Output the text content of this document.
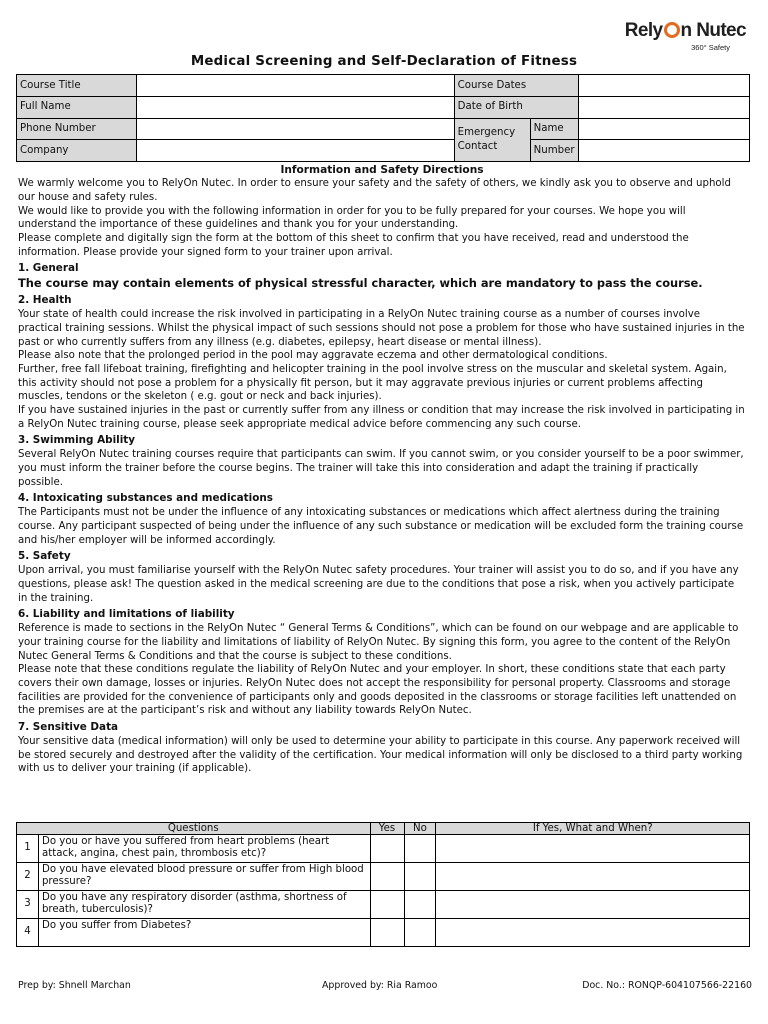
Rely n Nutec
360° Safety
Medical Screening and Self-Declaration of Fitness
Course Title		Course Dates		
Full Name		Date of Birth		
Phone Number		Emergency Contact	Name	
Company			Number	
Information and Safety Directions

We warmly welcome you to RelyOn Nutec. In order to ensure your safety and the safety of others, we kindly ask you to observe and uphold our house and safety rules.

We would like to provide you with the following information in order for you to be fully prepared for your courses. We hope you will understand the importance of these guidelines and thank you for your understanding.

Please complete and digitally sign the form at the bottom of this sheet to confirm that you have received, read and understood the information. Please provide your signed form to your trainer upon arrival.

1. General

The course may contain elements of physical stressful character, which are mandatory to pass the course.

2. Health

Your state of health could increase the risk involved in participating in a RelyOn Nutec training course as a number of courses involve practical training sessions. Whilst the physical impact of such sessions should not pose a problem for those who have sustained injuries in the past or who currently suffers from any illness (e.g. diabetes, epilepsy, heart disease or mental illness).

Please also note that the prolonged period in the pool may aggravate eczema and other dermatological conditions.

Further, free fall lifeboat training, firefighting and helicopter training in the pool involve stress on the muscular and skeletal system. Again, this activity should not pose a problem for a physically fit person, but it may aggravate previous injuries or current problems affecting muscles, tendons or the skeleton ( e.g. gout or neck and back injuries).

If you have sustained injuries in the past or currently suffer from any illness or condition that may increase the risk involved in participating in a RelyOn Nutec training course, please seek appropriate medical advice before commencing any such course.

3. Swimming Ability

Several RelyOn Nutec training courses require that participants can swim. If you cannot swim, or you consider yourself to be a poor swimmer, you must inform the trainer before the course begins. The trainer will take this into consideration and adapt the training if practically possible.

4. Intoxicating substances and medications

The Participants must not be under the influence of any intoxicating substances or medications which affect alertness during the training course. Any participant suspected of being under the influence of any such substance or medication will be excluded form the training course and his/her employer will be informed accordingly.

5. Safety

Upon arrival, you must familiarise yourself with the RelyOn Nutec safety procedures. Your trainer will assist you to do so, and if you have any questions, please ask! The question asked in the medical screening are due to the conditions that pose a risk, when you actively participate in the training.

6. Liability and limitations of liability

Reference is made to sections in the RelyOn Nutec “ General Terms & Conditions”, which can be found on our webpage and are applicable to your training course for the liability and limitations of liability of RelyOn Nutec. By signing this form, you agree to the content of the RelyOn Nutec General Terms & Conditions and that the course is subject to these conditions.

Please note that these conditions regulate the liability of RelyOn Nutec and your employer. In short, these conditions state that each party covers their own damage, losses or injuries. RelyOn Nutec does not accept the responsibility for personal property. Classrooms and storage facilities are provided for the convenience of participants only and goods deposited in the classrooms or storage facilities left unattended on the premises are at the participant’s risk and without any liability towards RelyOn Nutec.

7. Sensitive Data

Your sensitive data (medical information) will only be used to determine your ability to participate in this course. Any paperwork received will be stored securely and destroyed after the validity of the certification. Your medical information will only be disclosed to a third party working with us to deliver your training (if applicable).

Questions		Yes	No	If Yes, What and When?
1	Do you or have you suffered from heart problems (heart attack, angina, chest pain, thrombosis etc)?			
2	Do you have elevated blood pressure or suffer from High blood pressure?			
3	Do you have any respiratory disorder (asthma, shortness of breath, tuberculosis)?			
4	Do you suffer from Diabetes?			
Prep by: Shnell Marchan	Approved by: Ria Ramoo	Doc. No.: RONQP-604107566-22160
